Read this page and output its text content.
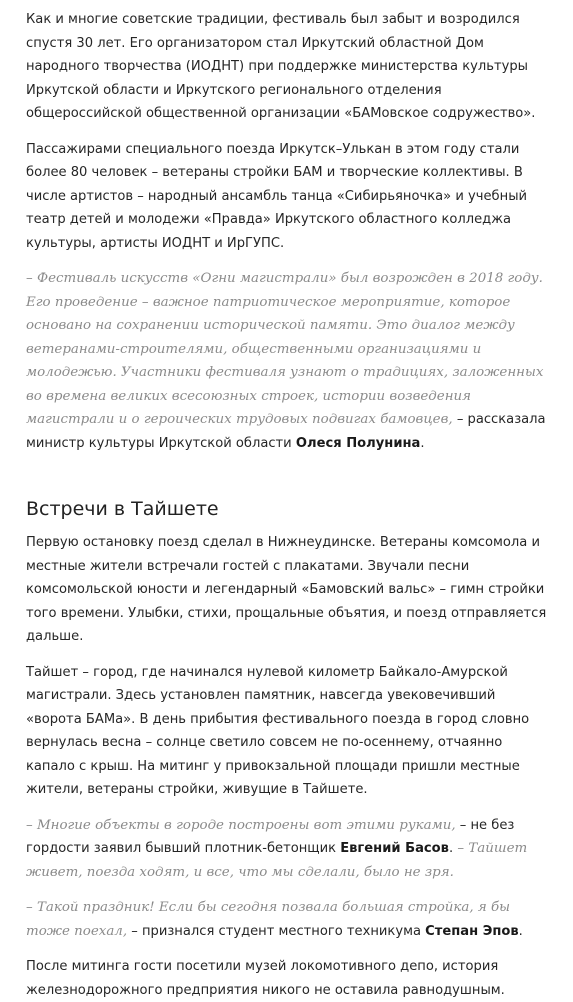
Как и многие советские традиции, фестиваль был забыт и возродился спустя 30 лет. Его организатором стал Иркутский областной Дом народного творчества (ИОДНТ) при поддержке министерства культуры Иркутской области и Иркутского регионального отделения общероссийской общественной организации «БАМовское содружество».

Пассажирами специального поезда Иркутск–Улькан в этом году стали более 80 человек – ветераны стройки БАМ и творческие коллективы. В числе артистов – народный ансамбль танца «Сибирьяночка» и учебный театр детей и молодежи «Правда» Иркутского областного колледжа культуры, артисты ИОДНТ и ИрГУПС.

– Фестиваль искусств «Огни магистрали» был возрожден в 2018 году. Его проведение – важное патриотическое мероприятие, которое основано на сохранении исторической памяти. Это диалог между ветеранами-строителями, общественными организациями и молодежью. Участники фестиваля узнают о традициях, заложенных во времена великих всесоюзных строек, истории возведения магистрали и о героических трудовых подвигах бамовцев, – рассказала министр культуры Иркутской области Олеся Полунина.

Встречи в Тайшете

Первую остановку поезд сделал в Нижнеудинске. Ветераны комсомола и местные жители встречали гостей с плакатами. Звучали песни комсомольской юности и легендарный «Бамовский вальс» – гимн стройки того времени. Улыбки, стихи, прощальные объятия, и поезд отправляется дальше.

Тайшет – город, где начинался нулевой километр Байкало-Амурской магистрали. Здесь установлен памятник, навсегда увековечивший «ворота БАМа». В день прибытия фестивального поезда в город словно вернулась весна – солнце светило совсем не по-осеннему, отчаянно капало с крыш. На митинг у привокзальной площади пришли местные жители, ветераны стройки, живущие в Тайшете.

– Многие объекты в городе построены вот этими руками, – не без гордости заявил бывший плотник-бетонщик Евгений Басов. – Тайшет живет, поезда ходят, и все, что мы сделали, было не зря.

– Такой праздник! Если бы сегодня позвала большая стройка, я бы тоже поехал, – признался студент местного техникума Степан Эпов.

После митинга гости посетили музей локомотивного депо, история железнодорожного предприятия никого не оставила равнодушным.
